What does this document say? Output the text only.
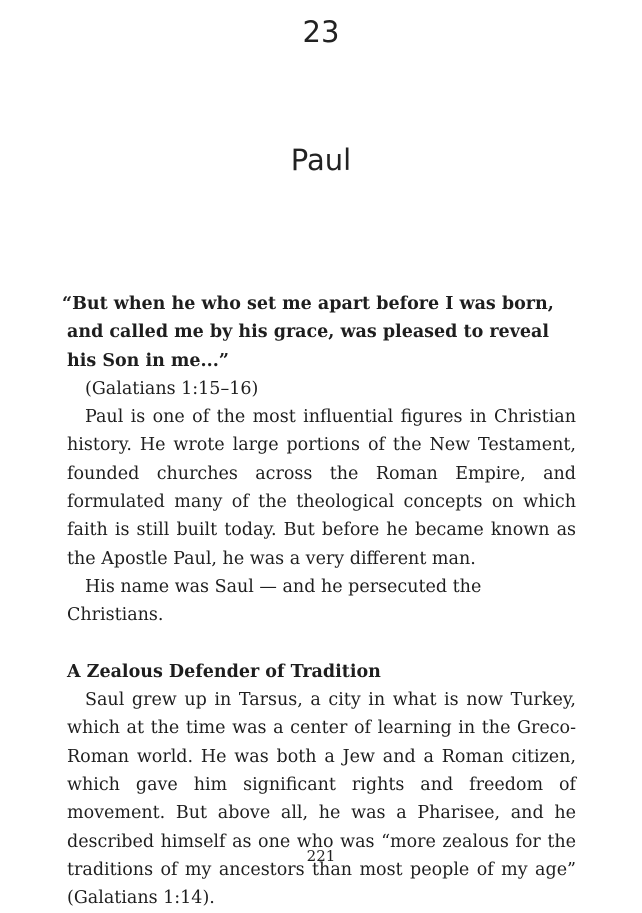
23
Paul

“But when he who set me apart before I was born, and called me by his grace, was pleased to reveal his Son in me...”

(Galatians 1:15–16)

Paul is one of the most influential figures in Christian history. He wrote large portions of the New Testament, founded churches across the Roman Empire, and formulated many of the theological concepts on which faith is still built today. But before he became known as the Apostle Paul, he was a very different man.

His name was Saul — and he persecuted the Christians.

A Zealous Defender of Tradition

Saul grew up in Tarsus, a city in what is now Turkey, which at the time was a center of learning in the Greco-Roman world. He was both a Jew and a Roman citizen, which gave him significant rights and freedom of movement. But above all, he was a Pharisee, and he described himself as one who was “more zealous for the traditions of my ancestors than most people of my age” (Galatians 1:14).

221
